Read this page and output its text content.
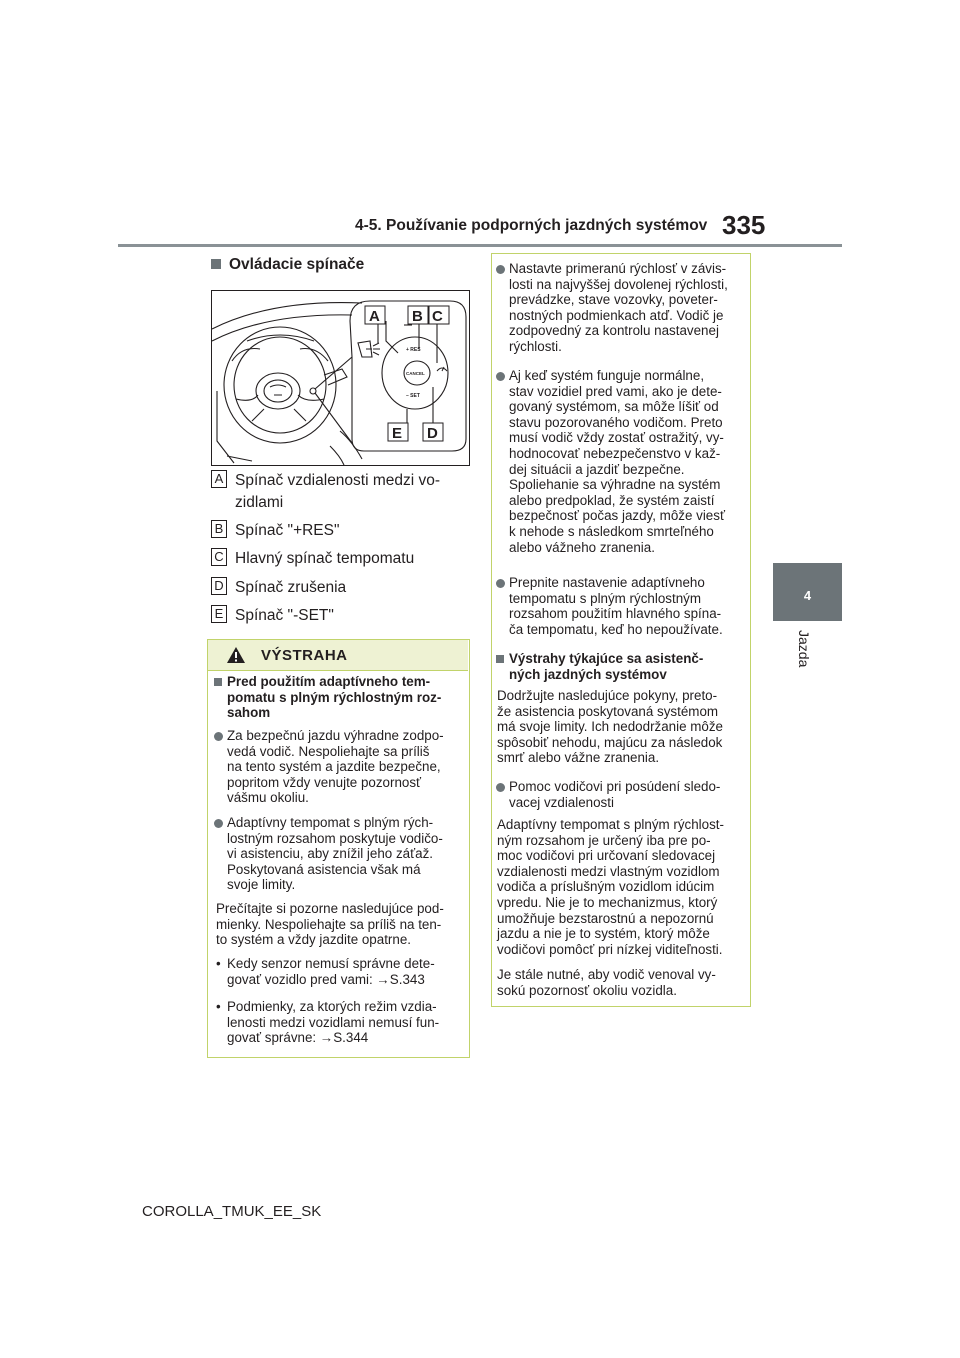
4-5. Používanie podporných jazdných systémov 335
4
Jazda
Ovládacie spínače
A B C
E D
+ RES
CANCEL
– SET
A Spínač vzdialenosti medzi vo-
zidlami
B Spínač "+RES"
C Hlavný spínač tempomatu
D Spínač zrušenia
E Spínač "-SET"
VÝSTRAHA
Pred použitím adaptívneho tem-
pomatu s plným rýchlostným roz-
sahom
Za bezpečnú jazdu výhradne zodpo-
vedá vodič. Nespoliehajte sa príliš
na tento systém a jazdite bezpečne,
popritom vždy venujte pozornosť
vášmu okoliu.
Adaptívny tempomat s plným rých-
lostným rozsahom poskytuje vodičo-
vi asistenciu, aby znížil jeho záťaž.
Poskytovaná asistencia však má
svoje limity.
Prečítajte si pozorne nasledujúce pod-
mienky. Nespoliehajte sa príliš na ten-
to systém a vždy jazdite opatrne.
• Kedy senzor nemusí správne dete-
govať vozidlo pred vami: →S.343
• Podmienky, za ktorých režim vzdia-
lenosti medzi vozidlami nemusí fun-
govať správne: →S.344
Nastavte primeranú rýchlosť v závis-
losti na najvyššej dovolenej rýchlosti,
prevádzke, stave vozovky, poveter-
nostných podmienkach atď. Vodič je
zodpovedný za kontrolu nastavenej
rýchlosti.
Aj keď systém funguje normálne,
stav vozidiel pred vami, ako je dete-
govaný systémom, sa môže líšiť od
stavu pozorovaného vodičom. Preto
musí vodič vždy zostať ostražitý, vy-
hodnocovať nebezpečenstvo v kaž-
dej situácii a jazdiť bezpečne.
Spoliehanie sa výhradne na systém
alebo predpoklad, že systém zaistí
bezpečnosť počas jazdy, môže viesť
k nehode s následkom smrteľného
alebo vážneho zranenia.
Prepnite nastavenie adaptívneho
tempomatu s plným rýchlostným
rozsahom použitím hlavného spína-
ča tempomatu, keď ho nepoužívate.
Výstrahy týkajúce sa asistenč-
ných jazdných systémov
Dodržujte nasledujúce pokyny, preto-
že asistencia poskytovaná systémom
má svoje limity. Ich nedodržanie môže
spôsobiť nehodu, majúcu za následok
smrť alebo vážne zranenia.
Pomoc vodičovi pri posúdení sledo-
vacej vzdialenosti
Adaptívny tempomat s plným rýchlost-
ným rozsahom je určený iba pre po-
moc vodičovi pri určovaní sledovacej
vzdialenosti medzi vlastným vozidlom
vodiča a príslušným vozidlom idúcim
vpredu. Nie je to mechanizmus, ktorý
umožňuje bezstarostnú a nepozornú
jazdu a nie je to systém, ktorý môže
vodičovi pomôcť pri nízkej viditeľnosti.
Je stále nutné, aby vodič venoval vy-
sokú pozornosť okoliu vozidla.
COROLLA_TMUK_EE_SK
